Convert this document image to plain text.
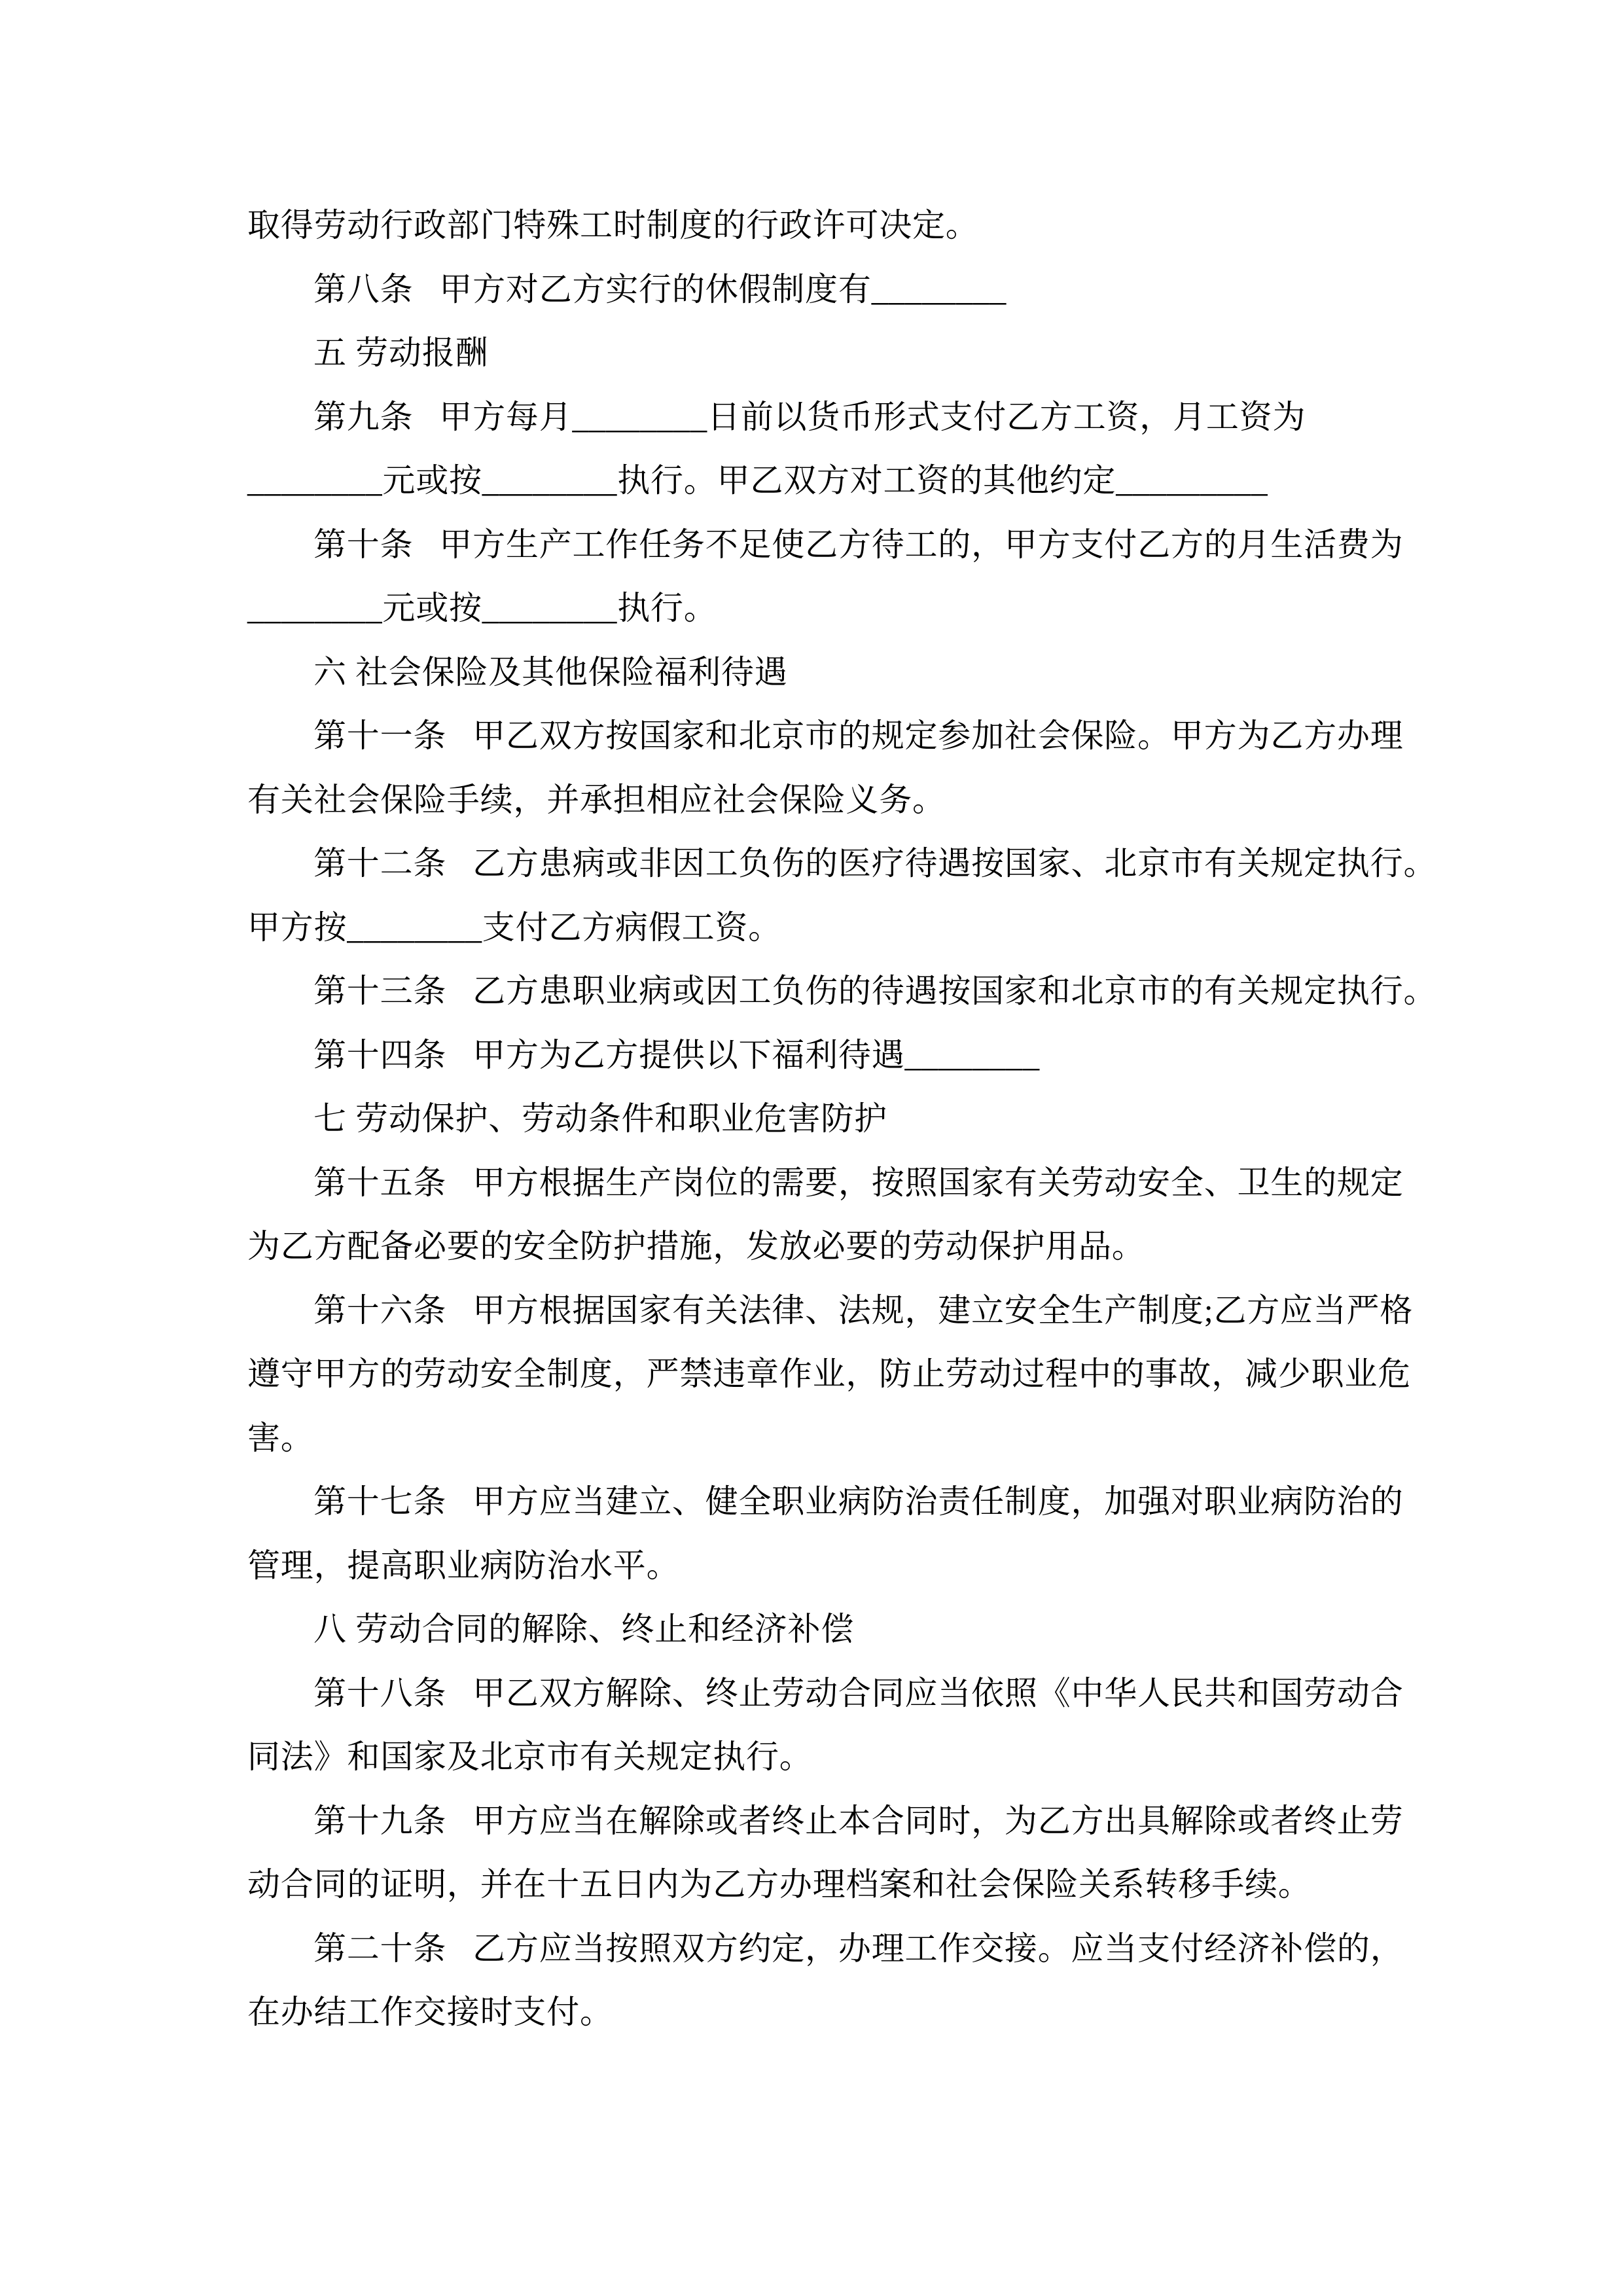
取得劳动行政部门特殊工时制度的行政许可决定。

第八条   甲方对乙方实行的休假制度有________

五 劳动报酬

第九条   甲方每月________日前以货币形式支付乙方工资，月工资为

________元或按________执行。甲乙双方对工资的其他约定_________

第十条   甲方生产工作任务不足使乙方待工的，甲方支付乙方的月生活费为

________元或按________执行。

六 社会保险及其他保险福利待遇

第十一条   甲乙双方按国家和北京市的规定参加社会保险。甲方为乙方办理

有关社会保险手续，并承担相应社会保险义务。

第十二条   乙方患病或非因工负伤的医疗待遇按国家、北京市有关规定执行。

甲方按________支付乙方病假工资。

第十三条   乙方患职业病或因工负伤的待遇按国家和北京市的有关规定执行。

第十四条   甲方为乙方提供以下福利待遇________

七 劳动保护、劳动条件和职业危害防护

第十五条   甲方根据生产岗位的需要，按照国家有关劳动安全、卫生的规定

为乙方配备必要的安全防护措施，发放必要的劳动保护用品。

第十六条   甲方根据国家有关法律、法规，建立安全生产制度;乙方应当严格

遵守甲方的劳动安全制度，严禁违章作业，防止劳动过程中的事故，减少职业危

害。

第十七条   甲方应当建立、健全职业病防治责任制度，加强对职业病防治的

管理，提高职业病防治水平。

八 劳动合同的解除、终止和经济补偿

第十八条   甲乙双方解除、终止劳动合同应当依照《中华人民共和国劳动合

同法》和国家及北京市有关规定执行。

第十九条   甲方应当在解除或者终止本合同时，为乙方出具解除或者终止劳

动合同的证明，并在十五日内为乙方办理档案和社会保险关系转移手续。

第二十条   乙方应当按照双方约定，办理工作交接。应当支付经济补偿的，

在办结工作交接时支付。
